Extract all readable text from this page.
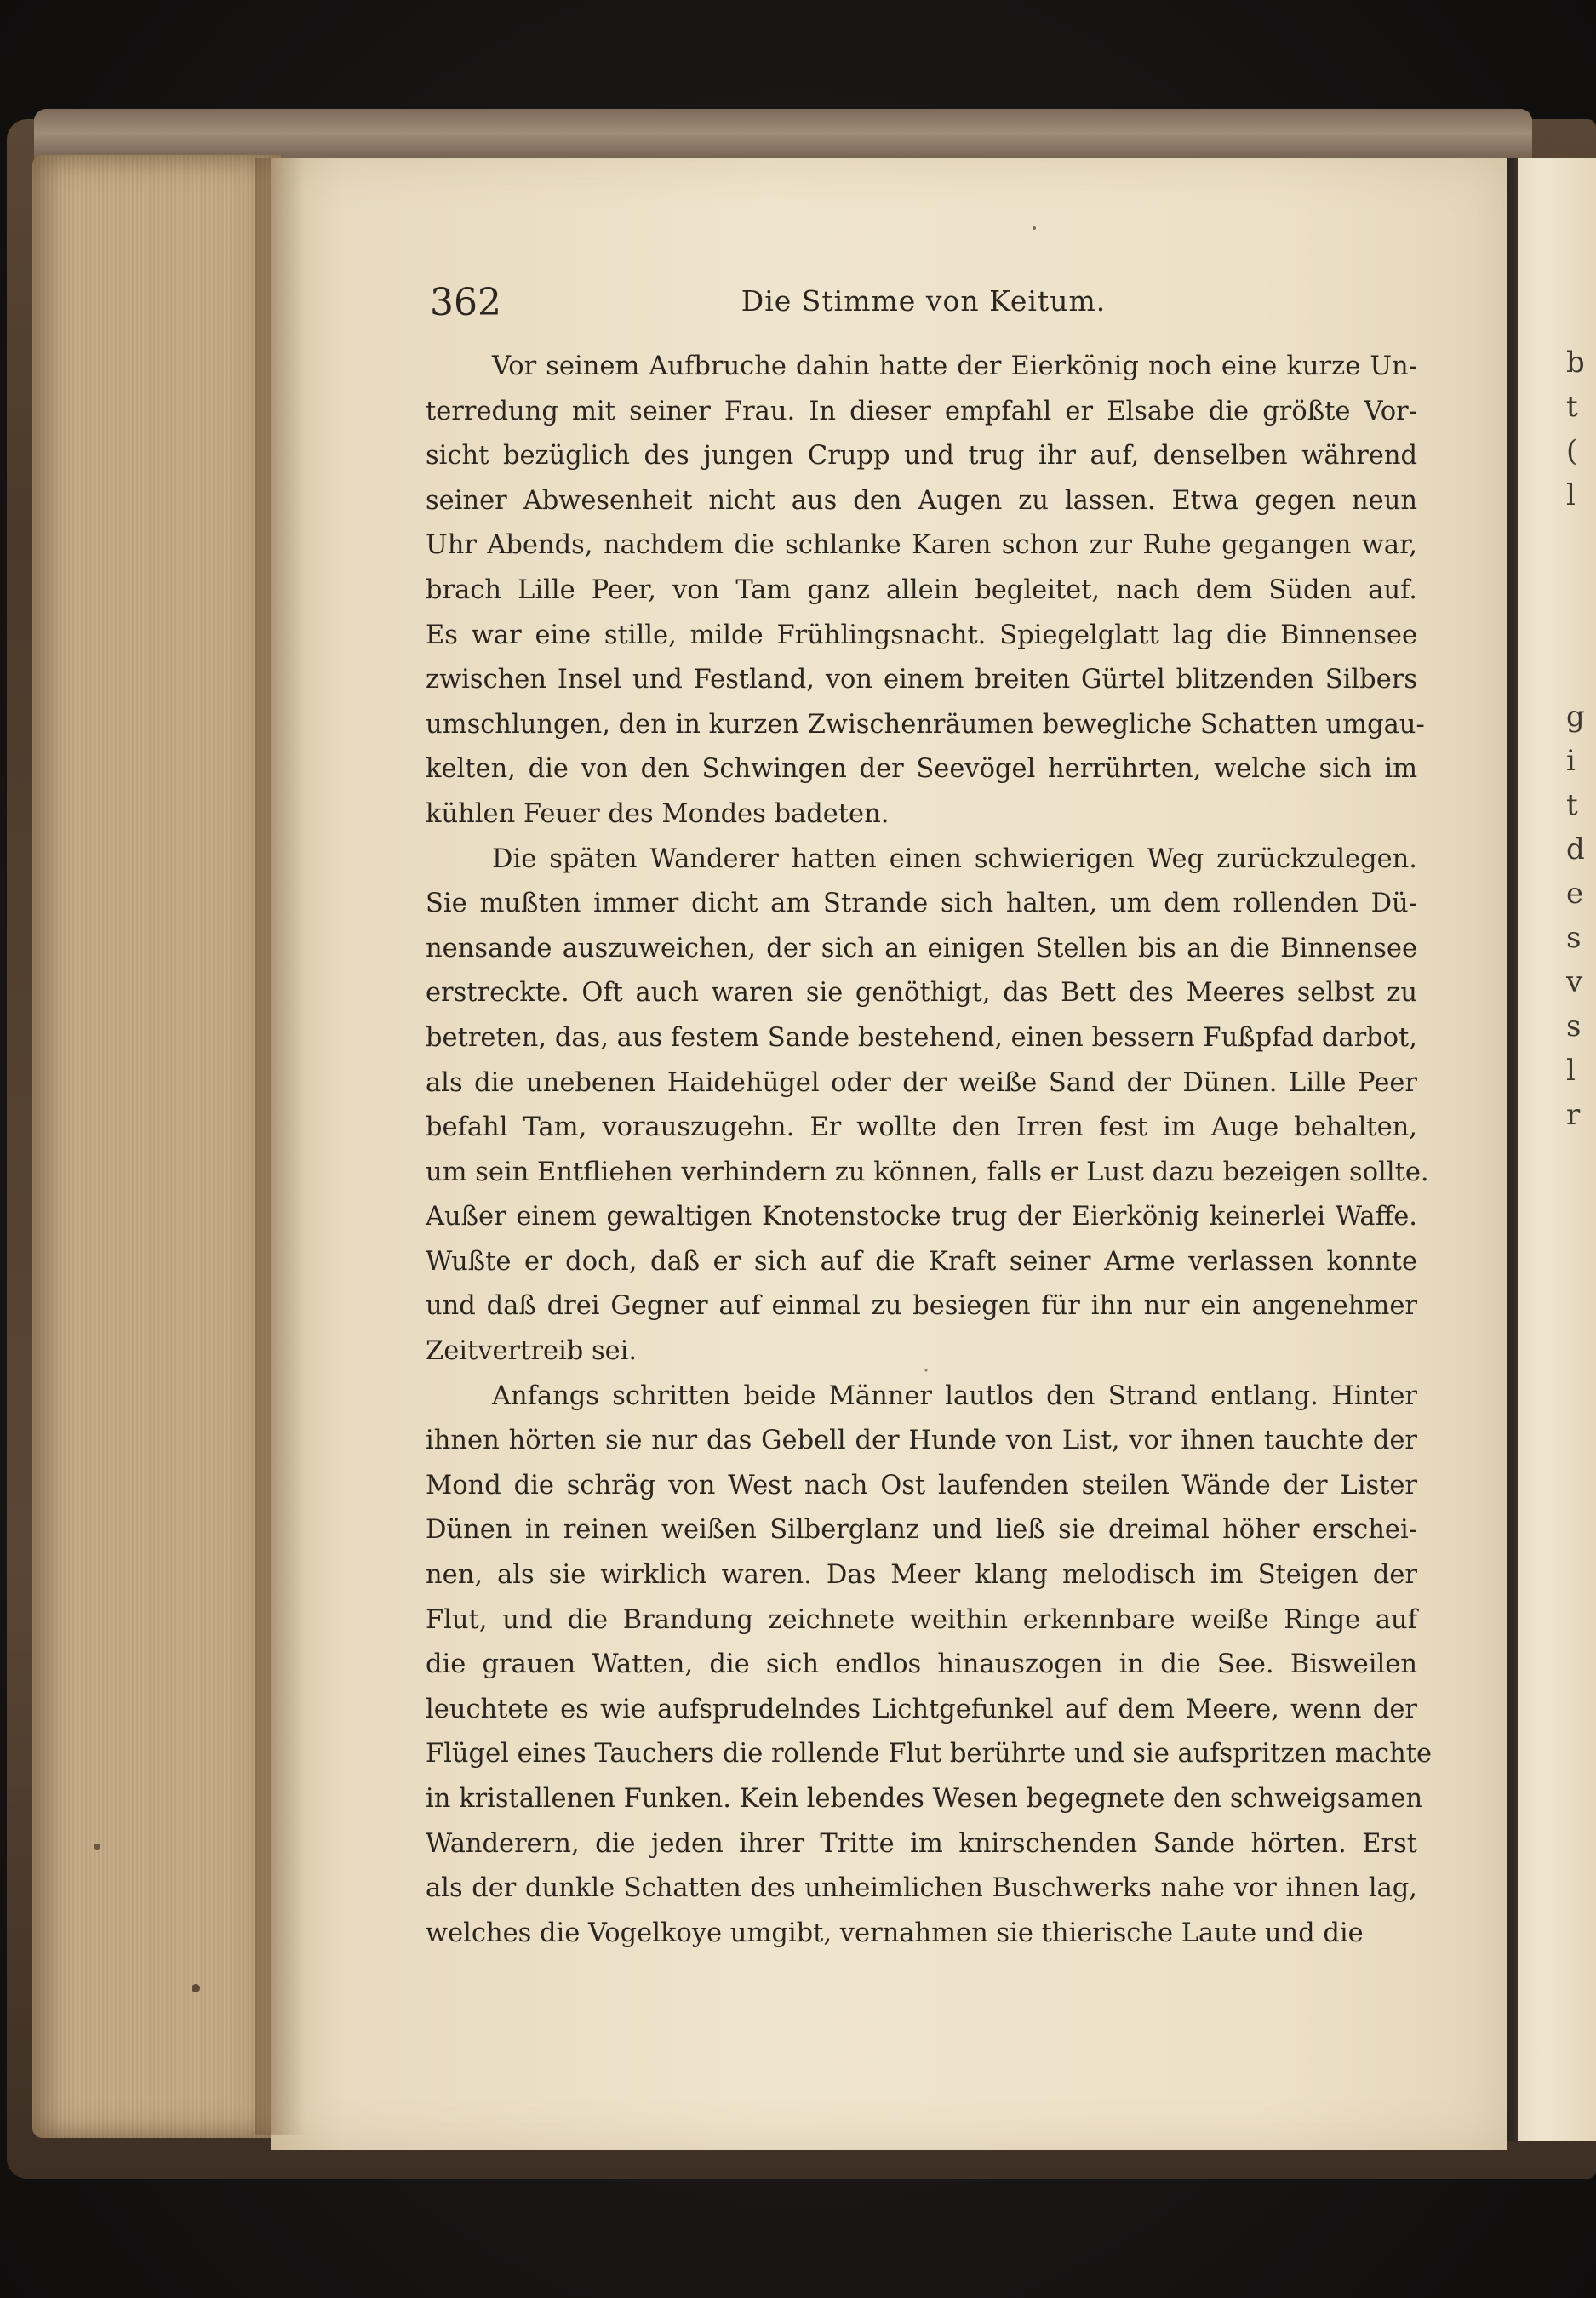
b
t
(
l
g
i
t
d
e
s
v
s
l
r
362	Die Stimme von Keitum.
Vor seinem Aufbruche dahin hatte der Eierkönig noch eine kurze Un-
terredung mit seiner Frau. In dieser empfahl er Elsabe die größte Vor-
sicht bezüglich des jungen Crupp und trug ihr auf, denselben während
seiner Abwesenheit nicht aus den Augen zu lassen. Etwa gegen neun
Uhr Abends, nachdem die schlanke Karen schon zur Ruhe gegangen war,
brach Lille Peer, von Tam ganz allein begleitet, nach dem Süden auf.
Es war eine stille, milde Frühlingsnacht. Spiegelglatt lag die Binnensee
zwischen Insel und Festland, von einem breiten Gürtel blitzenden Silbers
umschlungen, den in kurzen Zwischenräumen bewegliche Schatten umgau-
kelten, die von den Schwingen der Seevögel herrührten, welche sich im
kühlen Feuer des Mondes badeten.
Die späten Wanderer hatten einen schwierigen Weg zurückzulegen.
Sie mußten immer dicht am Strande sich halten, um dem rollenden Dü-
nensande auszuweichen, der sich an einigen Stellen bis an die Binnensee
erstreckte. Oft auch waren sie genöthigt, das Bett des Meeres selbst zu
betreten, das, aus festem Sande bestehend, einen bessern Fußpfad darbot,
als die unebenen Haidehügel oder der weiße Sand der Dünen. Lille Peer
befahl Tam, vorauszugehn. Er wollte den Irren fest im Auge behalten,
um sein Entfliehen verhindern zu können, falls er Lust dazu bezeigen sollte.
Außer einem gewaltigen Knotenstocke trug der Eierkönig keinerlei Waffe.
Wußte er doch, daß er sich auf die Kraft seiner Arme verlassen konnte
und daß drei Gegner auf einmal zu besiegen für ihn nur ein angenehmer
Zeitvertreib sei.
Anfangs schritten beide Männer lautlos den Strand entlang. Hinter
ihnen hörten sie nur das Gebell der Hunde von List, vor ihnen tauchte der
Mond die schräg von West nach Ost laufenden steilen Wände der Lister
Dünen in reinen weißen Silberglanz und ließ sie dreimal höher erschei-
nen, als sie wirklich waren. Das Meer klang melodisch im Steigen der
Flut, und die Brandung zeichnete weithin erkennbare weiße Ringe auf
die grauen Watten, die sich endlos hinauszogen in die See. Bisweilen
leuchtete es wie aufsprudelndes Lichtgefunkel auf dem Meere, wenn der
Flügel eines Tauchers die rollende Flut berührte und sie aufspritzen machte
in kristallenen Funken. Kein lebendes Wesen begegnete den schweigsamen
Wanderern, die jeden ihrer Tritte im knirschenden Sande hörten. Erst
als der dunkle Schatten des unheimlichen Buschwerks nahe vor ihnen lag,
welches die Vogelkoye umgibt, vernahmen sie thierische Laute und die
